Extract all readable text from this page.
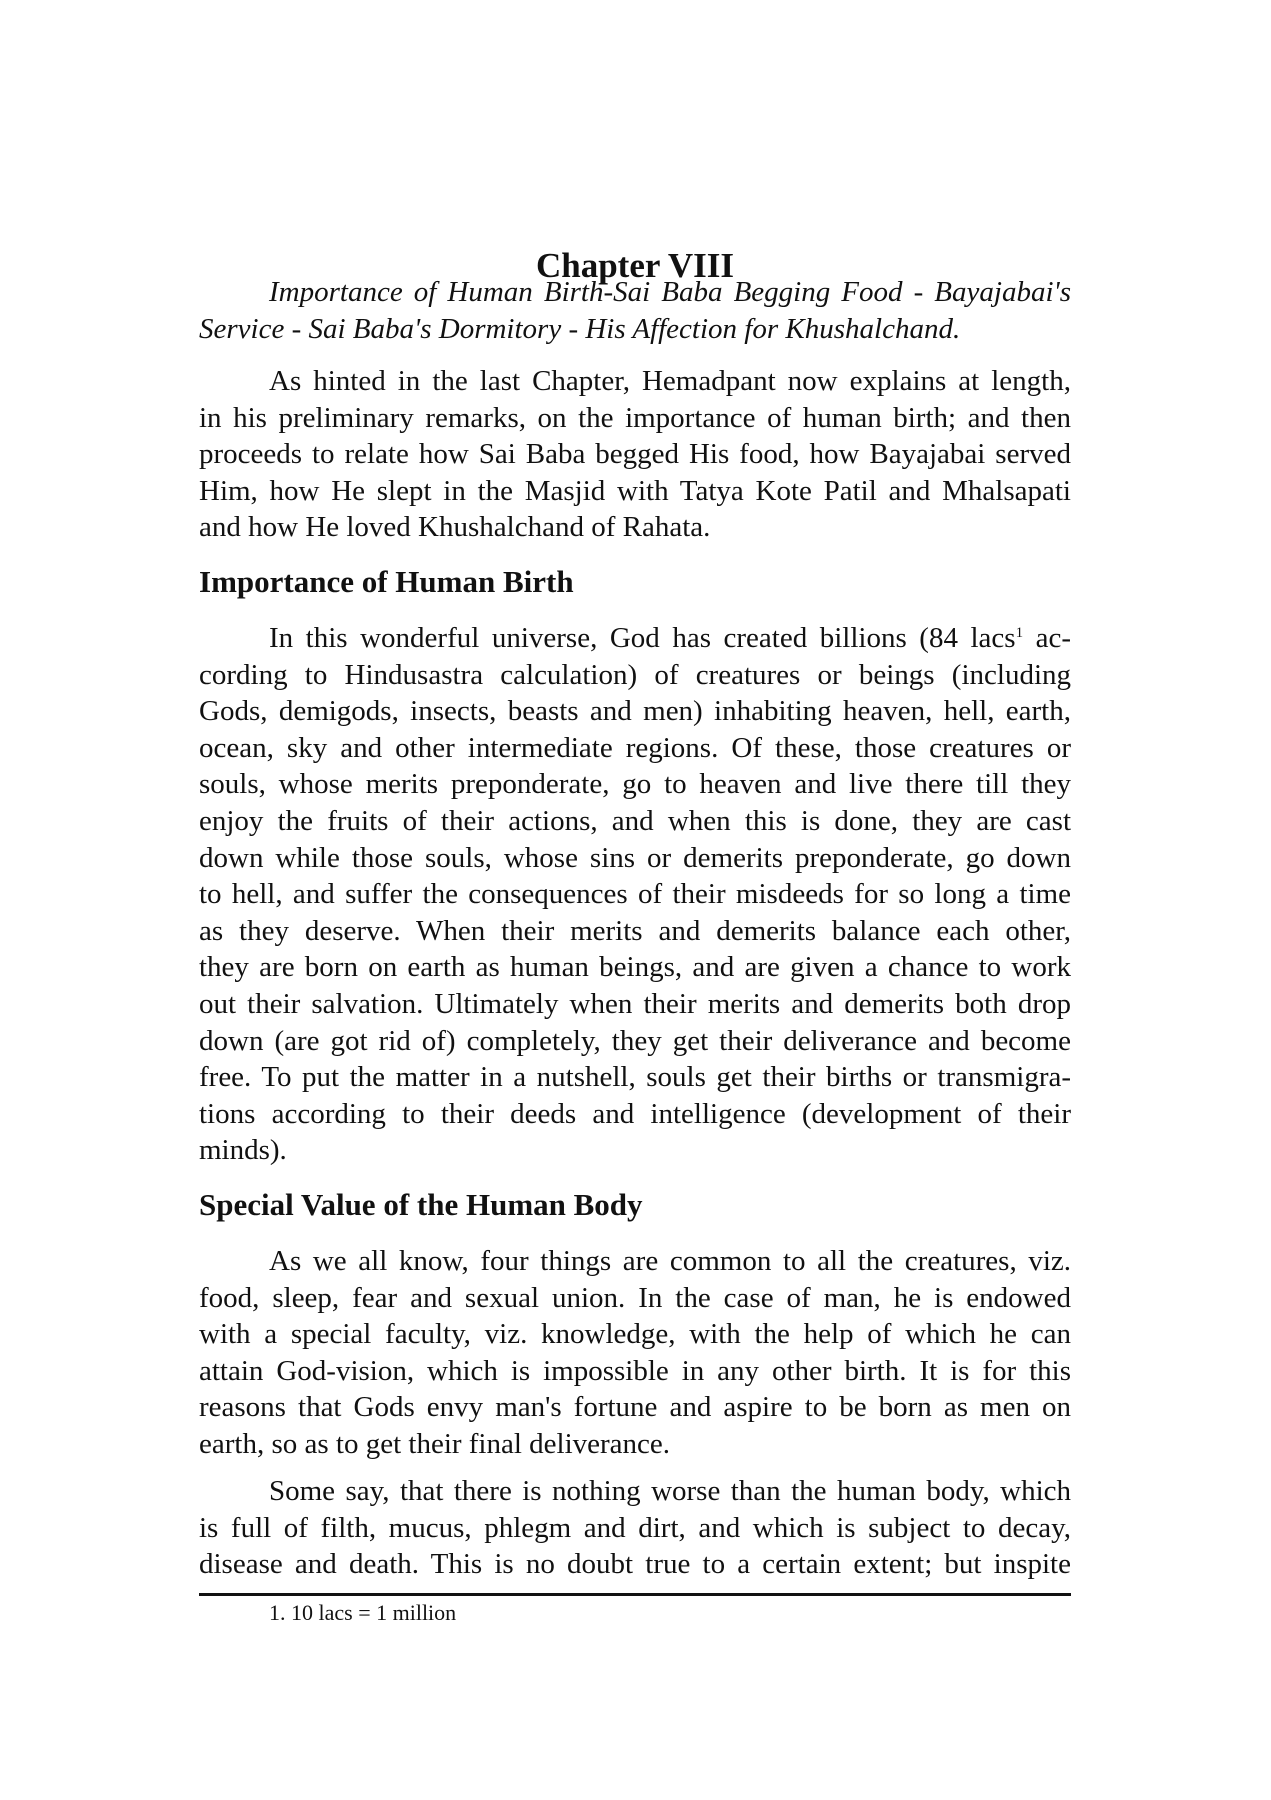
Chapter VIII
Importance of Human Birth-Sai Baba Begging Food - Bayajabai's
Service - Sai Baba's Dormitory - His Affection for Khushalchand.
As hinted in the last Chapter, Hemadpant now explains at length,
in his preliminary remarks, on the importance of human birth; and then
proceeds to relate how Sai Baba begged His food, how Bayajabai served
Him, how He slept in the Masjid with Tatya Kote Patil and Mhalsapati
and how He loved Khushalchand of Rahata.
Importance of Human Birth
In this wonderful universe, God has created billions (84 lacs$^1$ ac-
cording to Hindusastra calculation) of creatures or beings (including
Gods, demigods, insects, beasts and men) inhabiting heaven, hell, earth,
ocean, sky and other intermediate regions. Of these, those creatures or
souls, whose merits preponderate, go to heaven and live there till they
enjoy the fruits of their actions, and when this is done, they are cast
down while those souls, whose sins or demerits preponderate, go down
to hell, and suffer the consequences of their misdeeds for so long a time
as they deserve. When their merits and demerits balance each other,
they are born on earth as human beings, and are given a chance to work
out their salvation. Ultimately when their merits and demerits both drop
down (are got rid of) completely, they get their deliverance and become
free. To put the matter in a nutshell, souls get their births or transmigra-
tions according to their deeds and intelligence (development of their
minds).
Special Value of the Human Body
As we all know, four things are common to all the creatures, viz.
food, sleep, fear and sexual union. In the case of man, he is endowed
with a special faculty, viz. knowledge, with the help of which he can
attain God-vision, which is impossible in any other birth. It is for this
reasons that Gods envy man's fortune and aspire to be born as men on
earth, so as to get their final deliverance.
Some say, that there is nothing worse than the human body, which
is full of filth, mucus, phlegm and dirt, and which is subject to decay,
disease and death. This is no doubt true to a certain extent; but inspite
1. 10 lacs = 1 million
